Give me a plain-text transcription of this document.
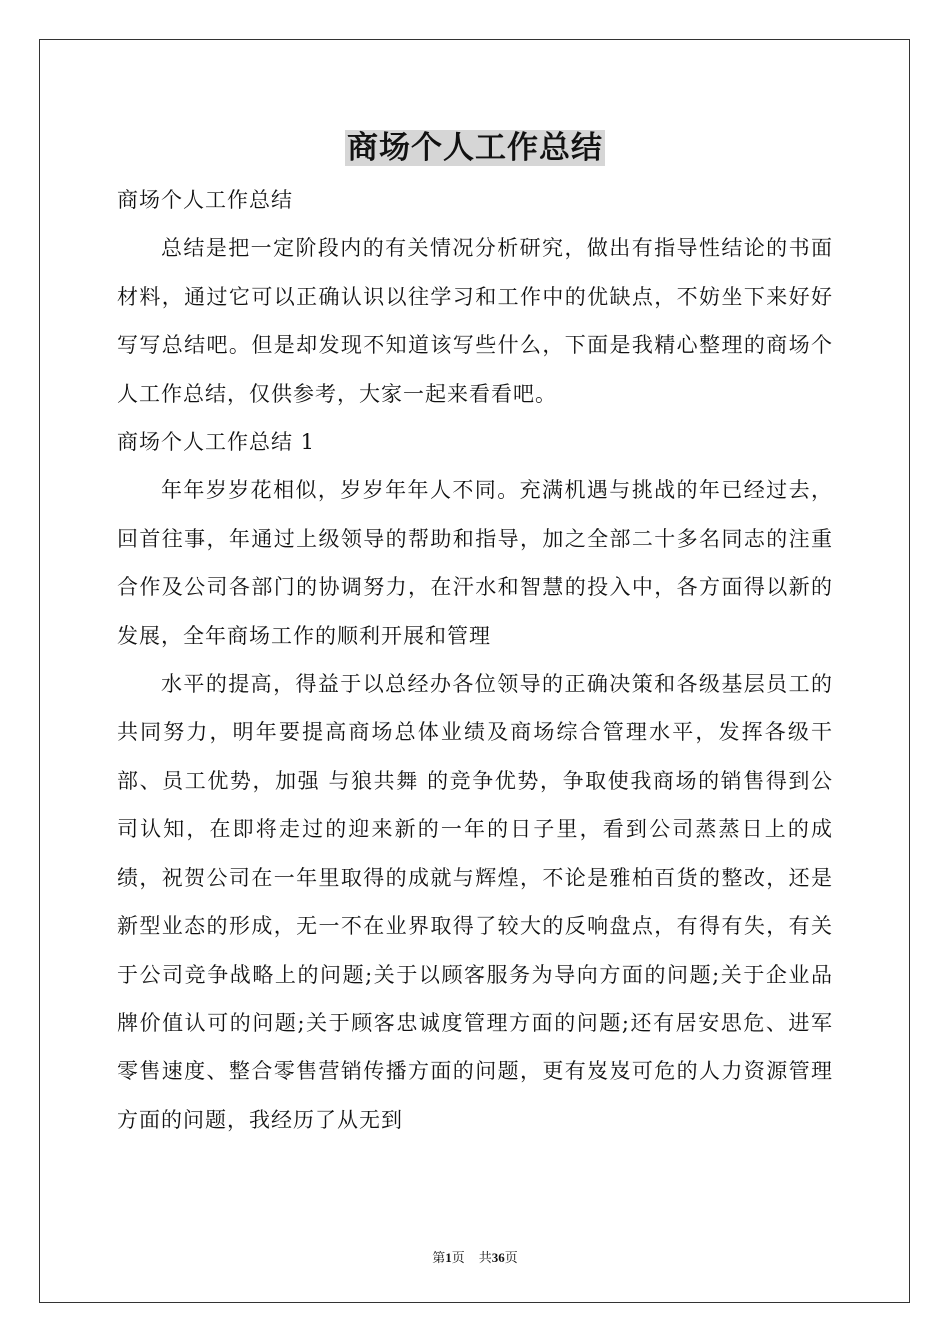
商场个人工作总结

商场个人工作总结

总结是把一定阶段内的有关情况分析研究，做出有指导性结论的书面材料，通过它可以正确认识以往学习和工作中的优缺点，不妨坐下来好好写写总结吧。但是却发现不知道该写些什么，下面是我精心整理的商场个人工作总结，仅供参考，大家一起来看看吧。

商场个人工作总结 1

年年岁岁花相似，岁岁年年人不同。充满机遇与挑战的年已经过去，回首往事，年通过上级领导的帮助和指导，加之全部二十多名同志的注重合作及公司各部门的协调努力，在汗水和智慧的投入中，各方面得以新的发展，全年商场工作的顺利开展和管理

水平的提高，得益于以总经办各位领导的正确决策和各级基层员工的共同努力，明年要提高商场总体业绩及商场综合管理水平，发挥各级干部、员工优势，加强 与狼共舞 的竞争优势，争取使我商场的销售得到公司认知，在即将走过的迎来新的一年的日子里，看到公司蒸蒸日上的成绩，祝贺公司在一年里取得的成就与辉煌，不论是雅柏百货的整改，还是新型业态的形成，无一不在业界取得了较大的反响盘点，有得有失，有关于公司竞争战略上的问题;关于以顾客服务为导向方面的问题;关于企业品牌价值认可的问题;关于顾客忠诚度管理方面的问题;还有居安思危、进军零售速度、整合零售营销传播方面的问题，更有岌岌可危的人力资源管理方面的问题，我经历了从无到

第1页 共36页
